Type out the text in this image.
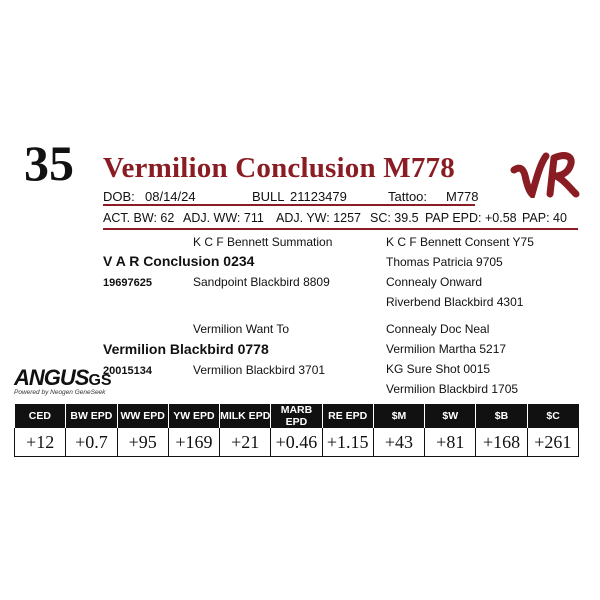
35 Vermilion Conclusion M778
DOB: 08/14/24	BULL 21123479	Tattoo: M778
ACT. BW: 62 ADJ. WW: 711 ADJ. YW: 1257 SC: 39.5 PAP EPD: +0.58 PAP: 40
K C F Bennett Summation
V A R Conclusion 0234
19697625	Sandpoint Blackbird 8809
K C F Bennett Consent Y75
Thomas Patricia 9705
Connealy Onward
Riverbend Blackbird 4301
Vermilion Want To
Vermilion Blackbird 0778
20015134	Vermilion Blackbird 3701
Connealy Doc Neal
Vermilion Martha 5217
KG Sure Shot 0015
Vermilion Blackbird 1705
ANGUSGS
Powered by Neogen GeneSeek
CED	BW EPD	WW EPD	YW EPD	MILK EPD	MARB EPD	RE EPD	$M	$W	$B	$C
+12	+0.7	+95	+169	+21	+0.46	+1.15	+43	+81	+168	+261
